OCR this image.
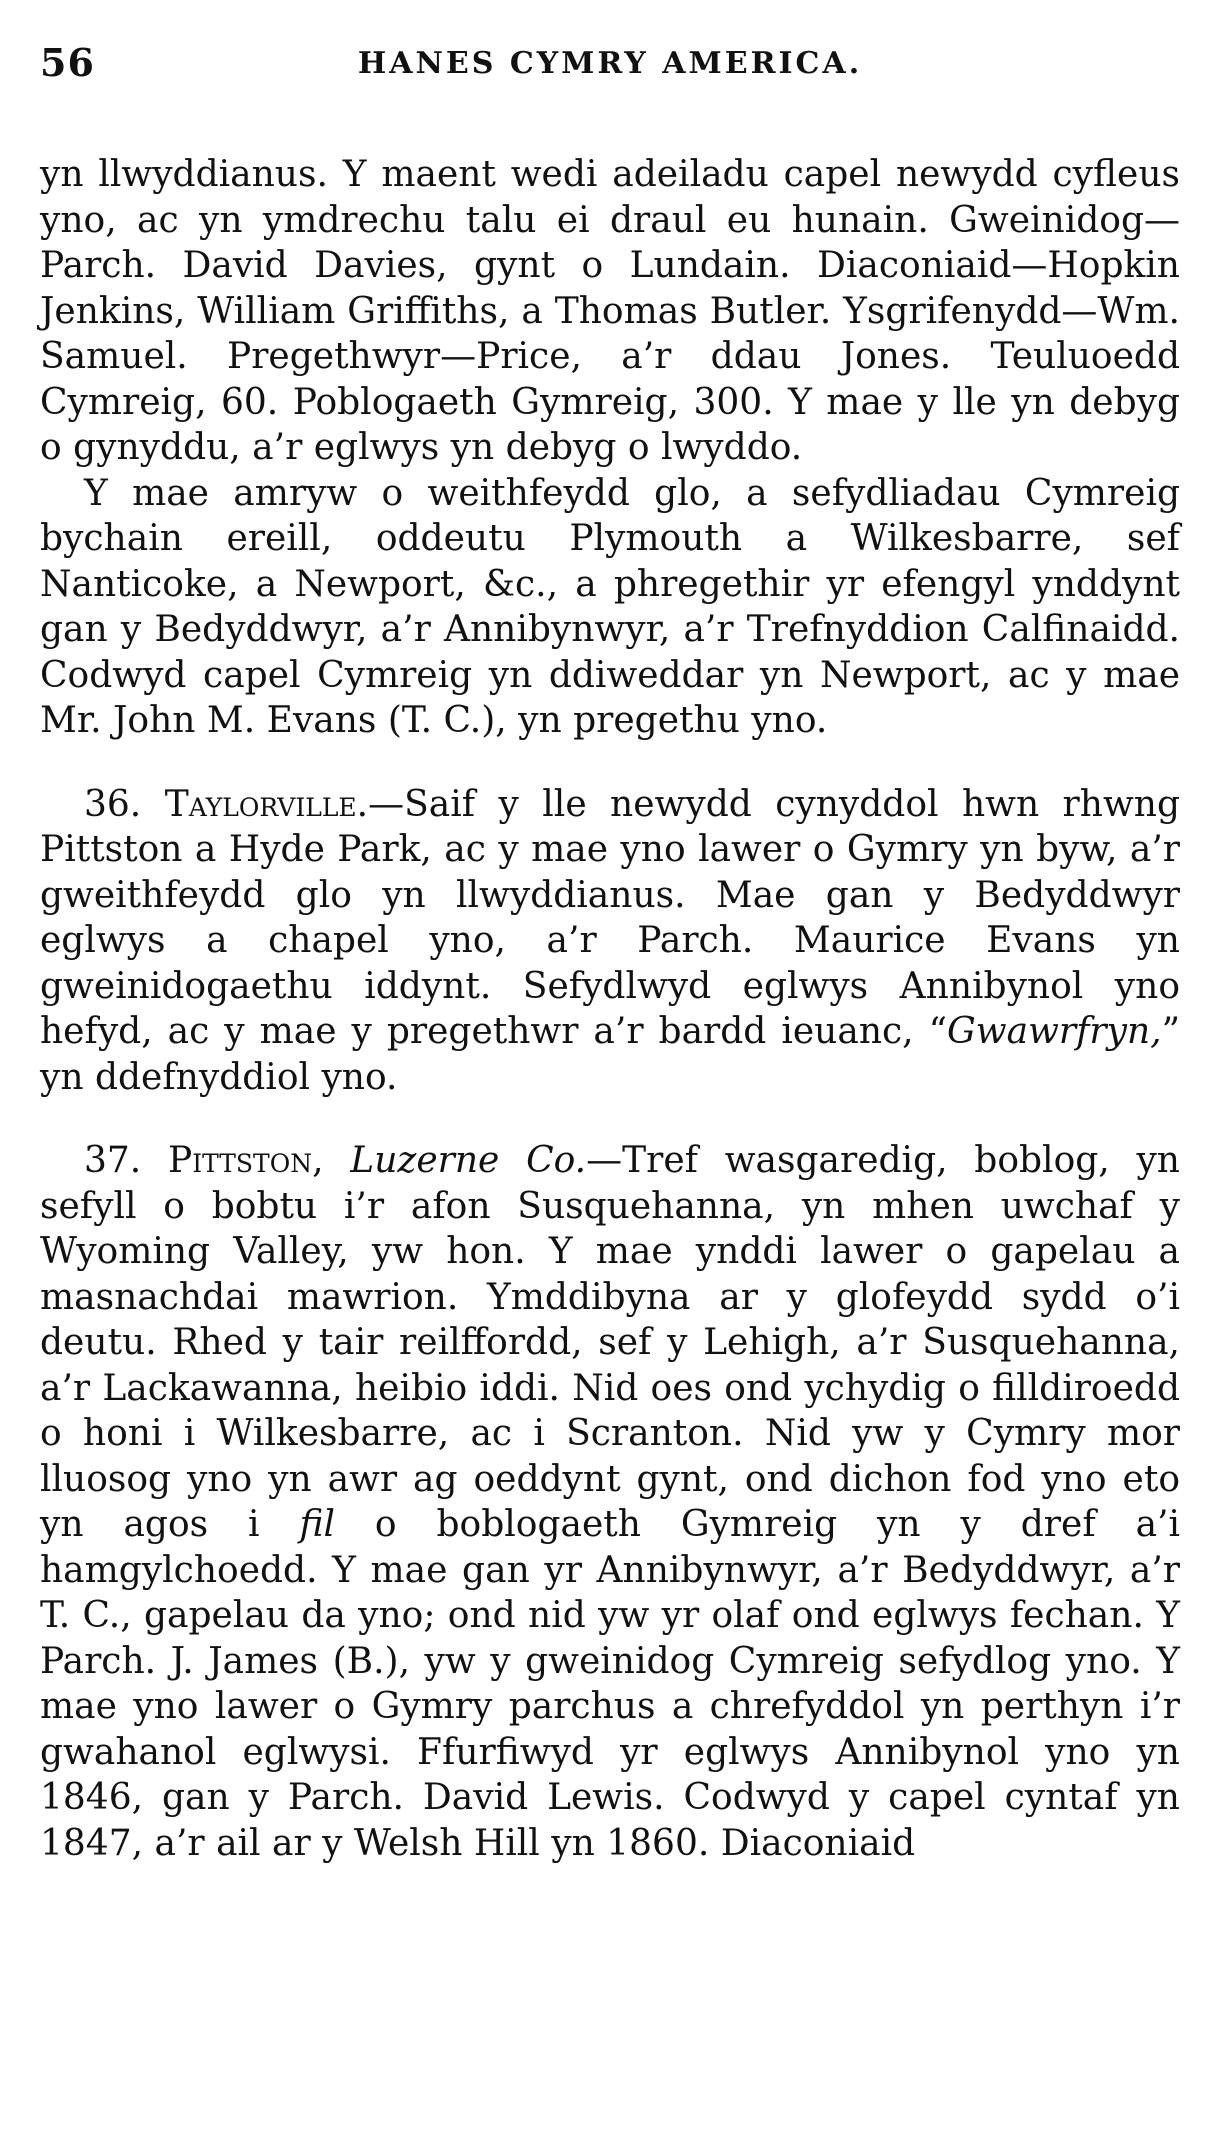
56	HANES CYMRY AMERICA.

yn llwyddianus. Y maent wedi adeiladu capel newydd cyfleus yno, ac yn ymdrechu talu ei draul eu hunain. Gweinidog—Parch. David Davies, gynt o Lundain. Diaconiaid—Hopkin Jenkins, William Griffiths, a Thomas Butler. Ysgrifenydd—Wm. Samuel. Pregethwyr—Price, a’r ddau Jones. Teuluoedd Cymreig, 60. Poblogaeth Gymreig, 300. Y mae y lle yn debyg o gynyddu, a’r eglwys yn debyg o lwyddo.

Y mae amryw o weithfeydd glo, a sefydliadau Cymreig bychain ereill, oddeutu Plymouth a Wilkesbarre, sef Nanticoke, a Newport, &c., a phregethir yr efengyl ynddynt gan y Bedyddwyr, a’r Annibynwyr, a’r Trefnyddion Calfinaidd. Codwyd capel Cymreig yn ddiweddar yn Newport, ac y mae Mr. John M. Evans (T. C.), yn pregethu yno.

36. Taylorville.—Saif y lle newydd cynyddol hwn rhwng Pittston a Hyde Park, ac y mae yno lawer o Gymry yn byw, a’r gweithfeydd glo yn llwyddianus. Mae gan y Bedyddwyr eglwys a chapel yno, a’r Parch. Maurice Evans yn gweinidogaethu iddynt. Sefydlwyd eglwys Annibynol yno hefyd, ac y mae y pregethwr a’r bardd ieuanc, “Gwawrfryn,” yn ddefnyddiol yno.

37. Pittston, Luzerne Co.—Tref wasgaredig, boblog, yn sefyll o bobtu i’r afon Susquehanna, yn mhen uwchaf y Wyoming Valley, yw hon. Y mae ynddi lawer o gapelau a masnachdai mawrion. Ymddibyna ar y glofeydd sydd o’i deutu. Rhed y tair reilffordd, sef y Lehigh, a’r Susquehanna, a’r Lackawanna, heibio iddi. Nid oes ond ychydig o filldiroedd o honi i Wilkesbarre, ac i Scranton. Nid yw y Cymry mor lluosog yno yn awr ag oeddynt gynt, ond dichon fod yno eto yn agos i fil o boblogaeth Gymreig yn y dref a’i hamgylchoedd. Y mae gan yr Annibynwyr, a’r Bedyddwyr, a’r T. C., gapelau da yno; ond nid yw yr olaf ond eglwys fechan. Y Parch. J. James (B.), yw y gweinidog Cymreig sefydlog yno. Y mae yno lawer o Gymry parchus a chrefyddol yn perthyn i’r gwahanol eglwysi. Ffurfiwyd yr eglwys Annibynol yno yn 1846, gan y Parch. David Lewis. Codwyd y capel cyntaf yn 1847, a’r ail ar y Welsh Hill yn 1860. Diaconiaid
